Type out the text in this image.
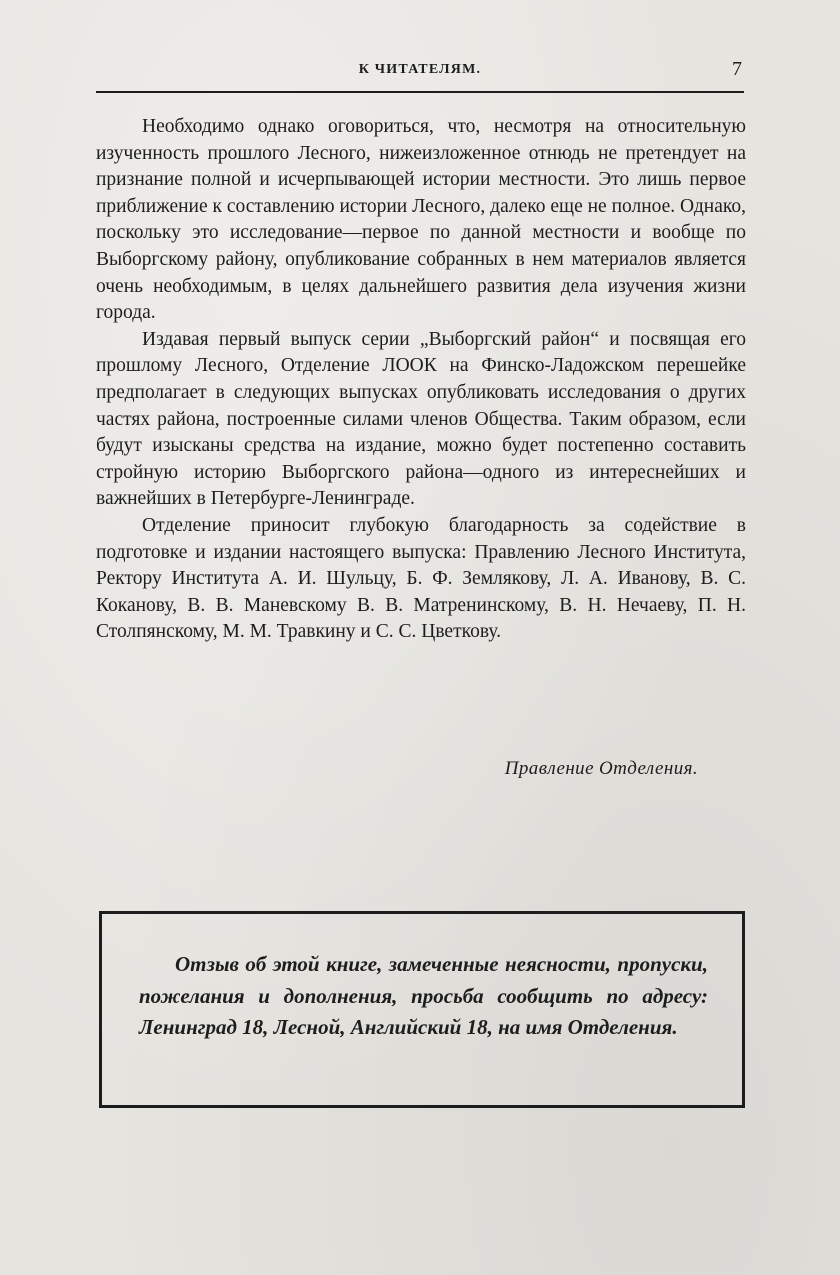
К ЧИТАТЕЛЯМ.	7

Необходимо однако оговориться, что, несмотря на относительную изученность прошлого Лесного, нижеизложенное отнюдь не претендует на признание полной и исчерпывающей истории местности. Это лишь первое приближение к составлению истории Лесного, далеко еще не полное. Однако, поскольку это исследование—первое по данной местности и вообще по Выборгскому району, опубликование собранных в нем материалов является очень необходимым, в целях дальнейшего развития дела изучения жизни города.

Издавая первый выпуск серии „Выборгский район“ и посвящая его прошлому Лесного, Отделение ЛООК на Финско-Ладожском перешейке предполагает в следующих выпусках опубликовать исследования о других частях района, построенные силами членов Общества. Таким образом, если будут изысканы средства на издание, можно будет постепенно составить стройную историю Выборгского района—одного из интереснейших и важнейших в Петербурге-Ленинграде.

Отделение приносит глубокую благодарность за содействие в подготовке и издании настоящего выпуска: Правлению Лесного Института, Ректору Института А. И. Шульцу, Б. Ф. Землякову, Л. А. Иванову, В. С. Коканову, В. В. Маневскому В. В. Матренинскому, В. Н. Нечаеву, П. Н. Столпянскому, М. М. Травкину и С. С. Цветкову.

Правление Отделения.

Отзыв об этой книге, замеченные неясности, пропуски, пожелания и дополнения, просьба сообщить по адресу: Ленинград 18, Лесной, Английский 18, на имя Отделения.
